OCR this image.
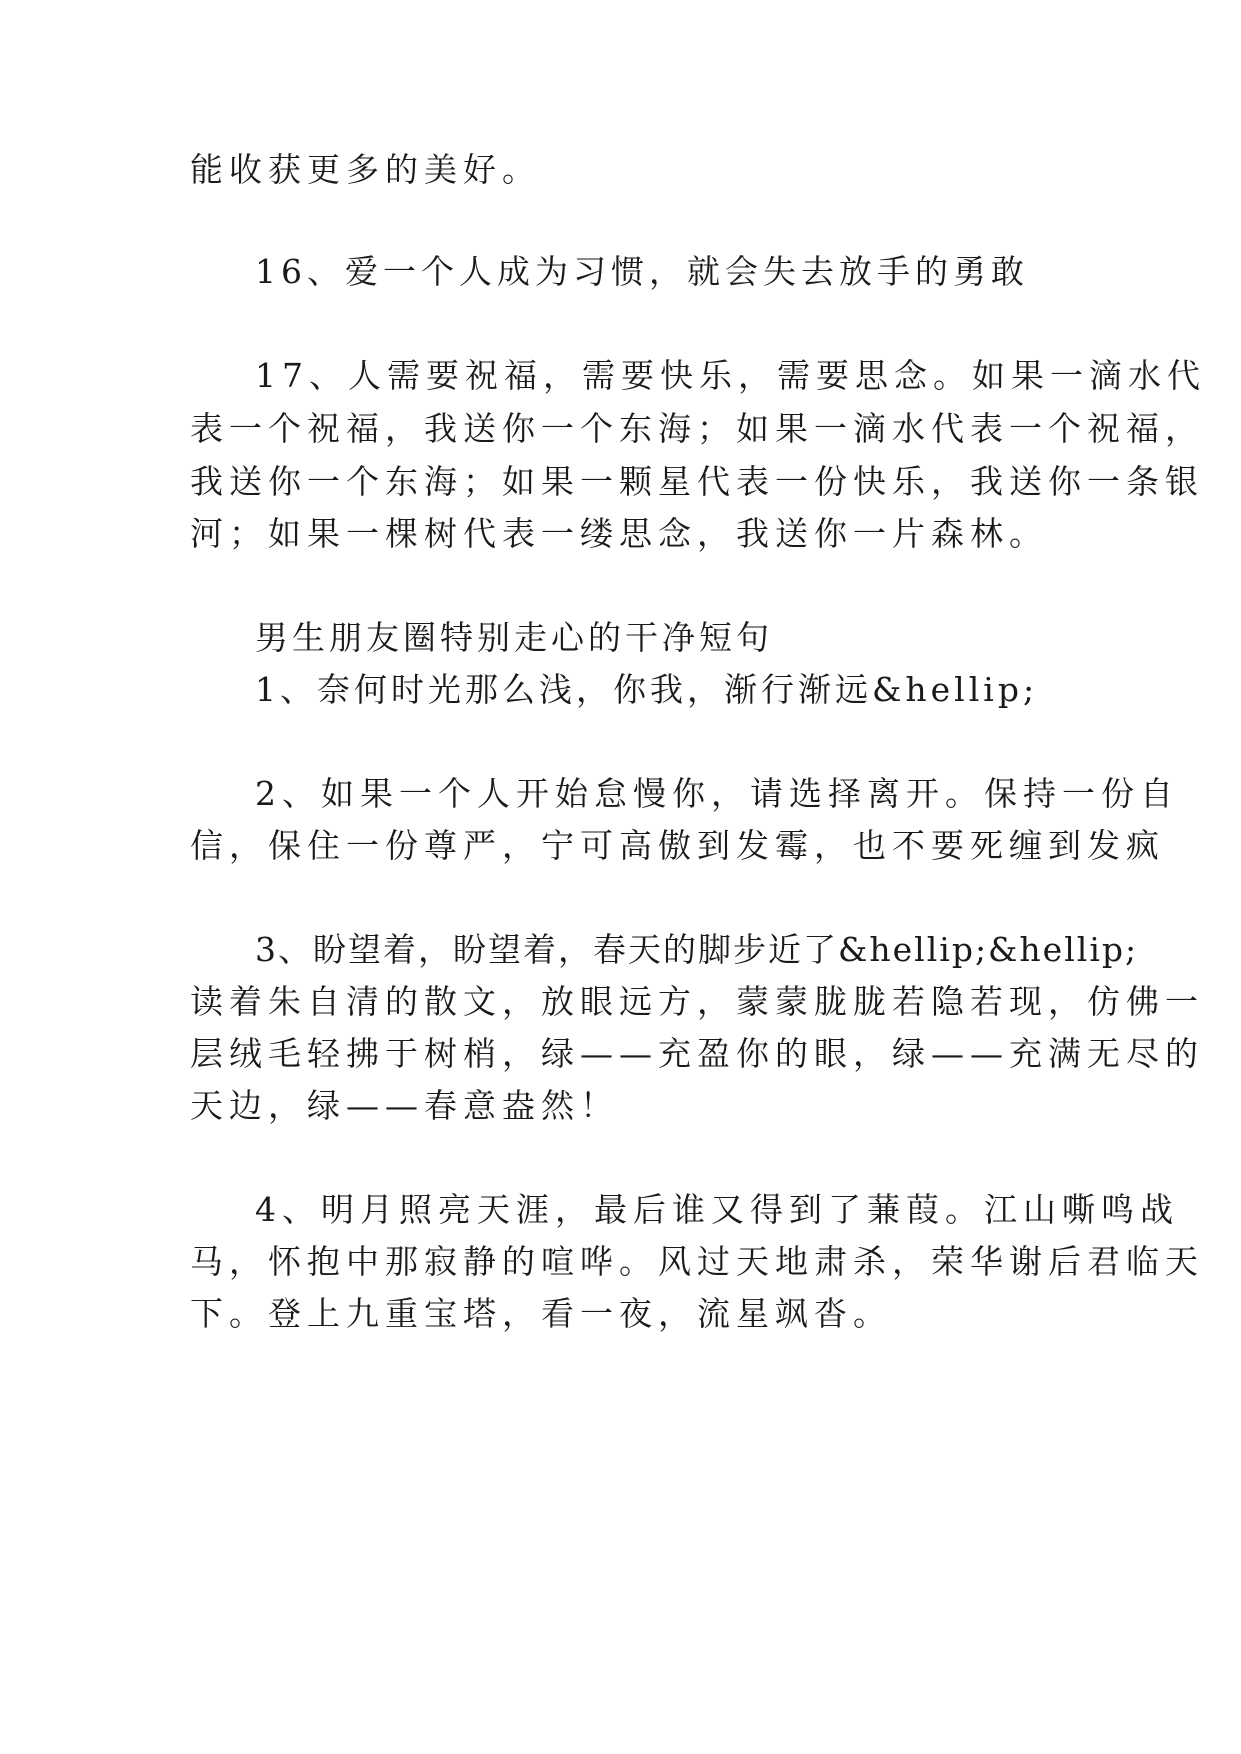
能收获更多的美好。
16、爱一个人成为习惯，就会失去放手的勇敢
17、人需要祝福，需要快乐，需要思念。如果一滴水代
表一个祝福，我送你一个东海；如果一滴水代表一个祝福，
我送你一个东海；如果一颗星代表一份快乐，我送你一条银
河；如果一棵树代表一缕思念，我送你一片森林。
男生朋友圈特别走心的干净短句
1、奈何时光那么浅，你我，渐行渐远&hellip;
2、如果一个人开始怠慢你，请选择离开。保持一份自
信，保住一份尊严，宁可高傲到发霉，也不要死缠到发疯
3、盼望着，盼望着，春天的脚步近了&hellip;&hellip;
读着朱自清的散文，放眼远方，蒙蒙胧胧若隐若现，仿佛一
层绒毛轻拂于树梢，绿——充盈你的眼，绿——充满无尽的
天边，绿——春意盎然！
4、明月照亮天涯，最后谁又得到了蒹葭。江山嘶鸣战
马，怀抱中那寂静的喧哗。风过天地肃杀，荣华谢后君临天
下。登上九重宝塔，看一夜，流星飒沓。
